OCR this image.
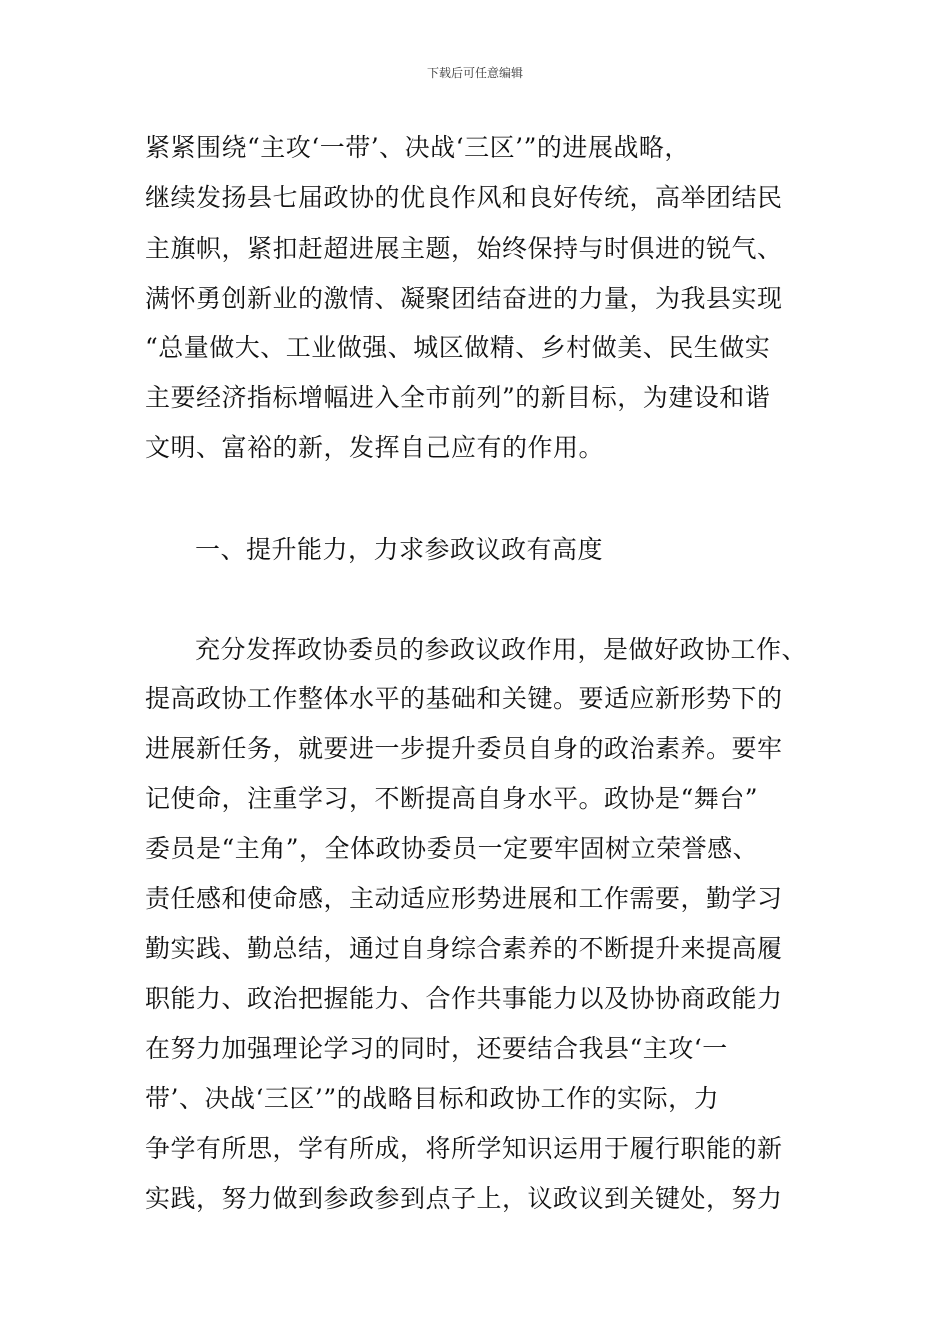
下载后可任意编辑
紧紧围绕“主攻‘一带’、决战‘三区’”的进展战略，
继续发扬县七届政协的优良作风和良好传统，高举团结民
主旗帜，紧扣赶超进展主题，始终保持与时俱进的锐气、
满怀勇创新业的激情、凝聚团结奋进的力量，为我县实现
“总量做大、工业做强、城区做精、乡村做美、民生做实
主要经济指标增幅进入全市前列”的新目标，为建设和谐
文明、富裕的新，发挥自己应有的作用。
一、提升能力，力求参政议政有高度
充分发挥政协委员的参政议政作用，是做好政协工作、
提高政协工作整体水平的基础和关键。要适应新形势下的
进展新任务，就要进一步提升委员自身的政治素养。要牢
记使命，注重学习，不断提高自身水平。政协是“舞台”
委员是“主角”，全体政协委员一定要牢固树立荣誉感、
责任感和使命感，主动适应形势进展和工作需要，勤学习
勤实践、勤总结，通过自身综合素养的不断提升来提高履
职能力、政治把握能力、合作共事能力以及协协商政能力
在努力加强理论学习的同时，还要结合我县“主攻‘一
带’、决战‘三区’”的战略目标和政协工作的实际，力
争学有所思，学有所成，将所学知识运用于履行职能的新
实践，努力做到参政参到点子上，议政议到关键处，努力
